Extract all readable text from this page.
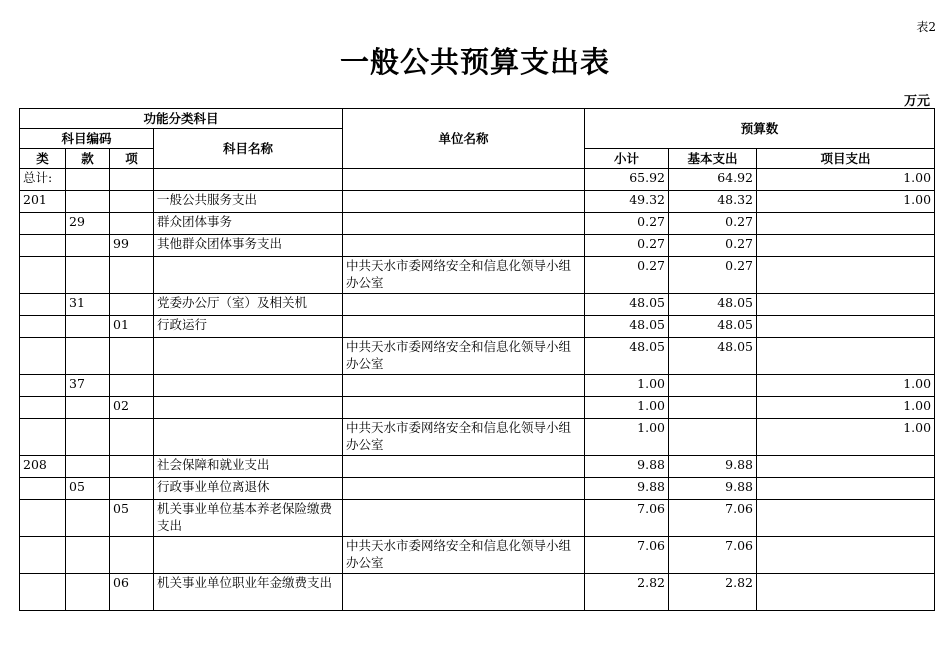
表2
一般公共预算支出表
万元
功能分类科目				单位名称	预算数		
科目编码			科目名称				
类	款	项			小计	基本支出	项目支出
总计:					65.92	64.92	1.00
201			一般公共服务支出		49.32	48.32	1.00
	29		群众团体事务		0.27	0.27	
		99	其他群众团体事务支出		0.27	0.27	
				中共天水市委网络安全和信息化领导小组办公室	0.27	0.27	
	31		党委办公厅（室）及相关机		48.05	48.05	
		01	行政运行		48.05	48.05	
				中共天水市委网络安全和信息化领导小组办公室	48.05	48.05	
	37				1.00		1.00
		02			1.00		1.00
				中共天水市委网络安全和信息化领导小组办公室	1.00		1.00
208			社会保障和就业支出		9.88	9.88	
	05		行政事业单位离退休		9.88	9.88	
		05	机关事业单位基本养老保险缴费支出		7.06	7.06	
				中共天水市委网络安全和信息化领导小组办公室	7.06	7.06	
		06	机关事业单位职业年金缴费支出		2.82	2.82	
